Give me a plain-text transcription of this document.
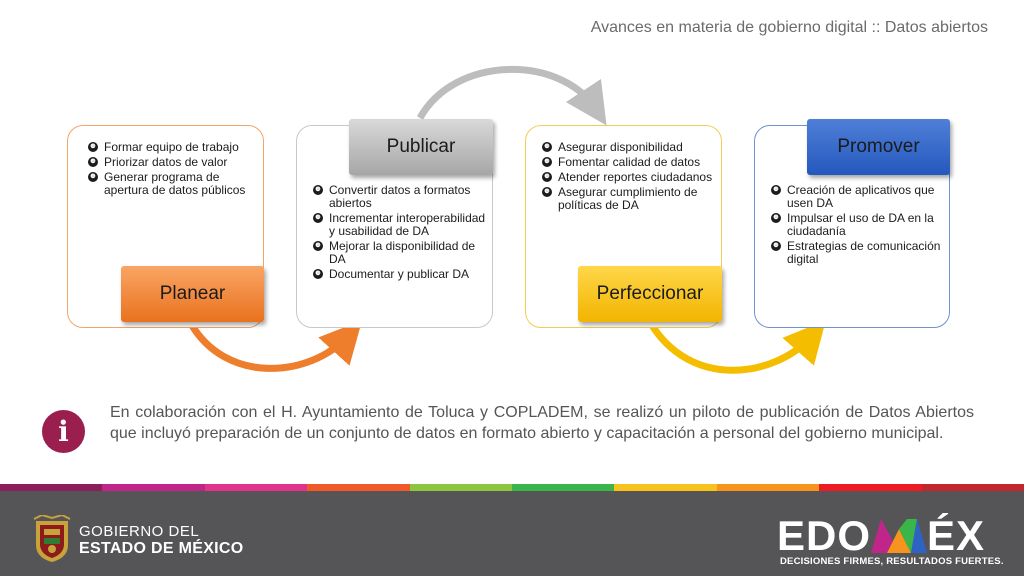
Avances en materia de gobierno digital :: Datos abiertos
❿ Formar equipo de trabajo
❿ Priorizar datos de valor
❿ Generar programa de apertura de datos públicos
Planear
❿ Convertir datos a formatos abiertos
❿ Incrementar interoperabilidad y usabilidad de DA
❿ Mejorar la disponibilidad de DA
❿ Documentar y publicar DA
Publicar	❿ Asegurar disponibilidad
❿ Fomentar calidad de datos
❿ Atender reportes ciudadanos
❿ Asegurar cumplimiento de políticas de DA
Perfeccionar
❿ Creación de aplicativos que usen DA
❿ Impulsar el uso de DA en la ciudadanía
❿ Estrategias de comunicación digital
Promover
i

En colaboración con el H. Ayuntamiento de Toluca y COPLADEM, se realizó un piloto de publicación de Datos Abiertos que incluyó preparación de un conjunto de datos en formato abierto y capacitación a personal del gobierno municipal.

GOBIERNO DEL
ESTADO DE MÉXICO	EDO ÉX
DECISIONES FIRMES, RESULTADOS FUERTES.
